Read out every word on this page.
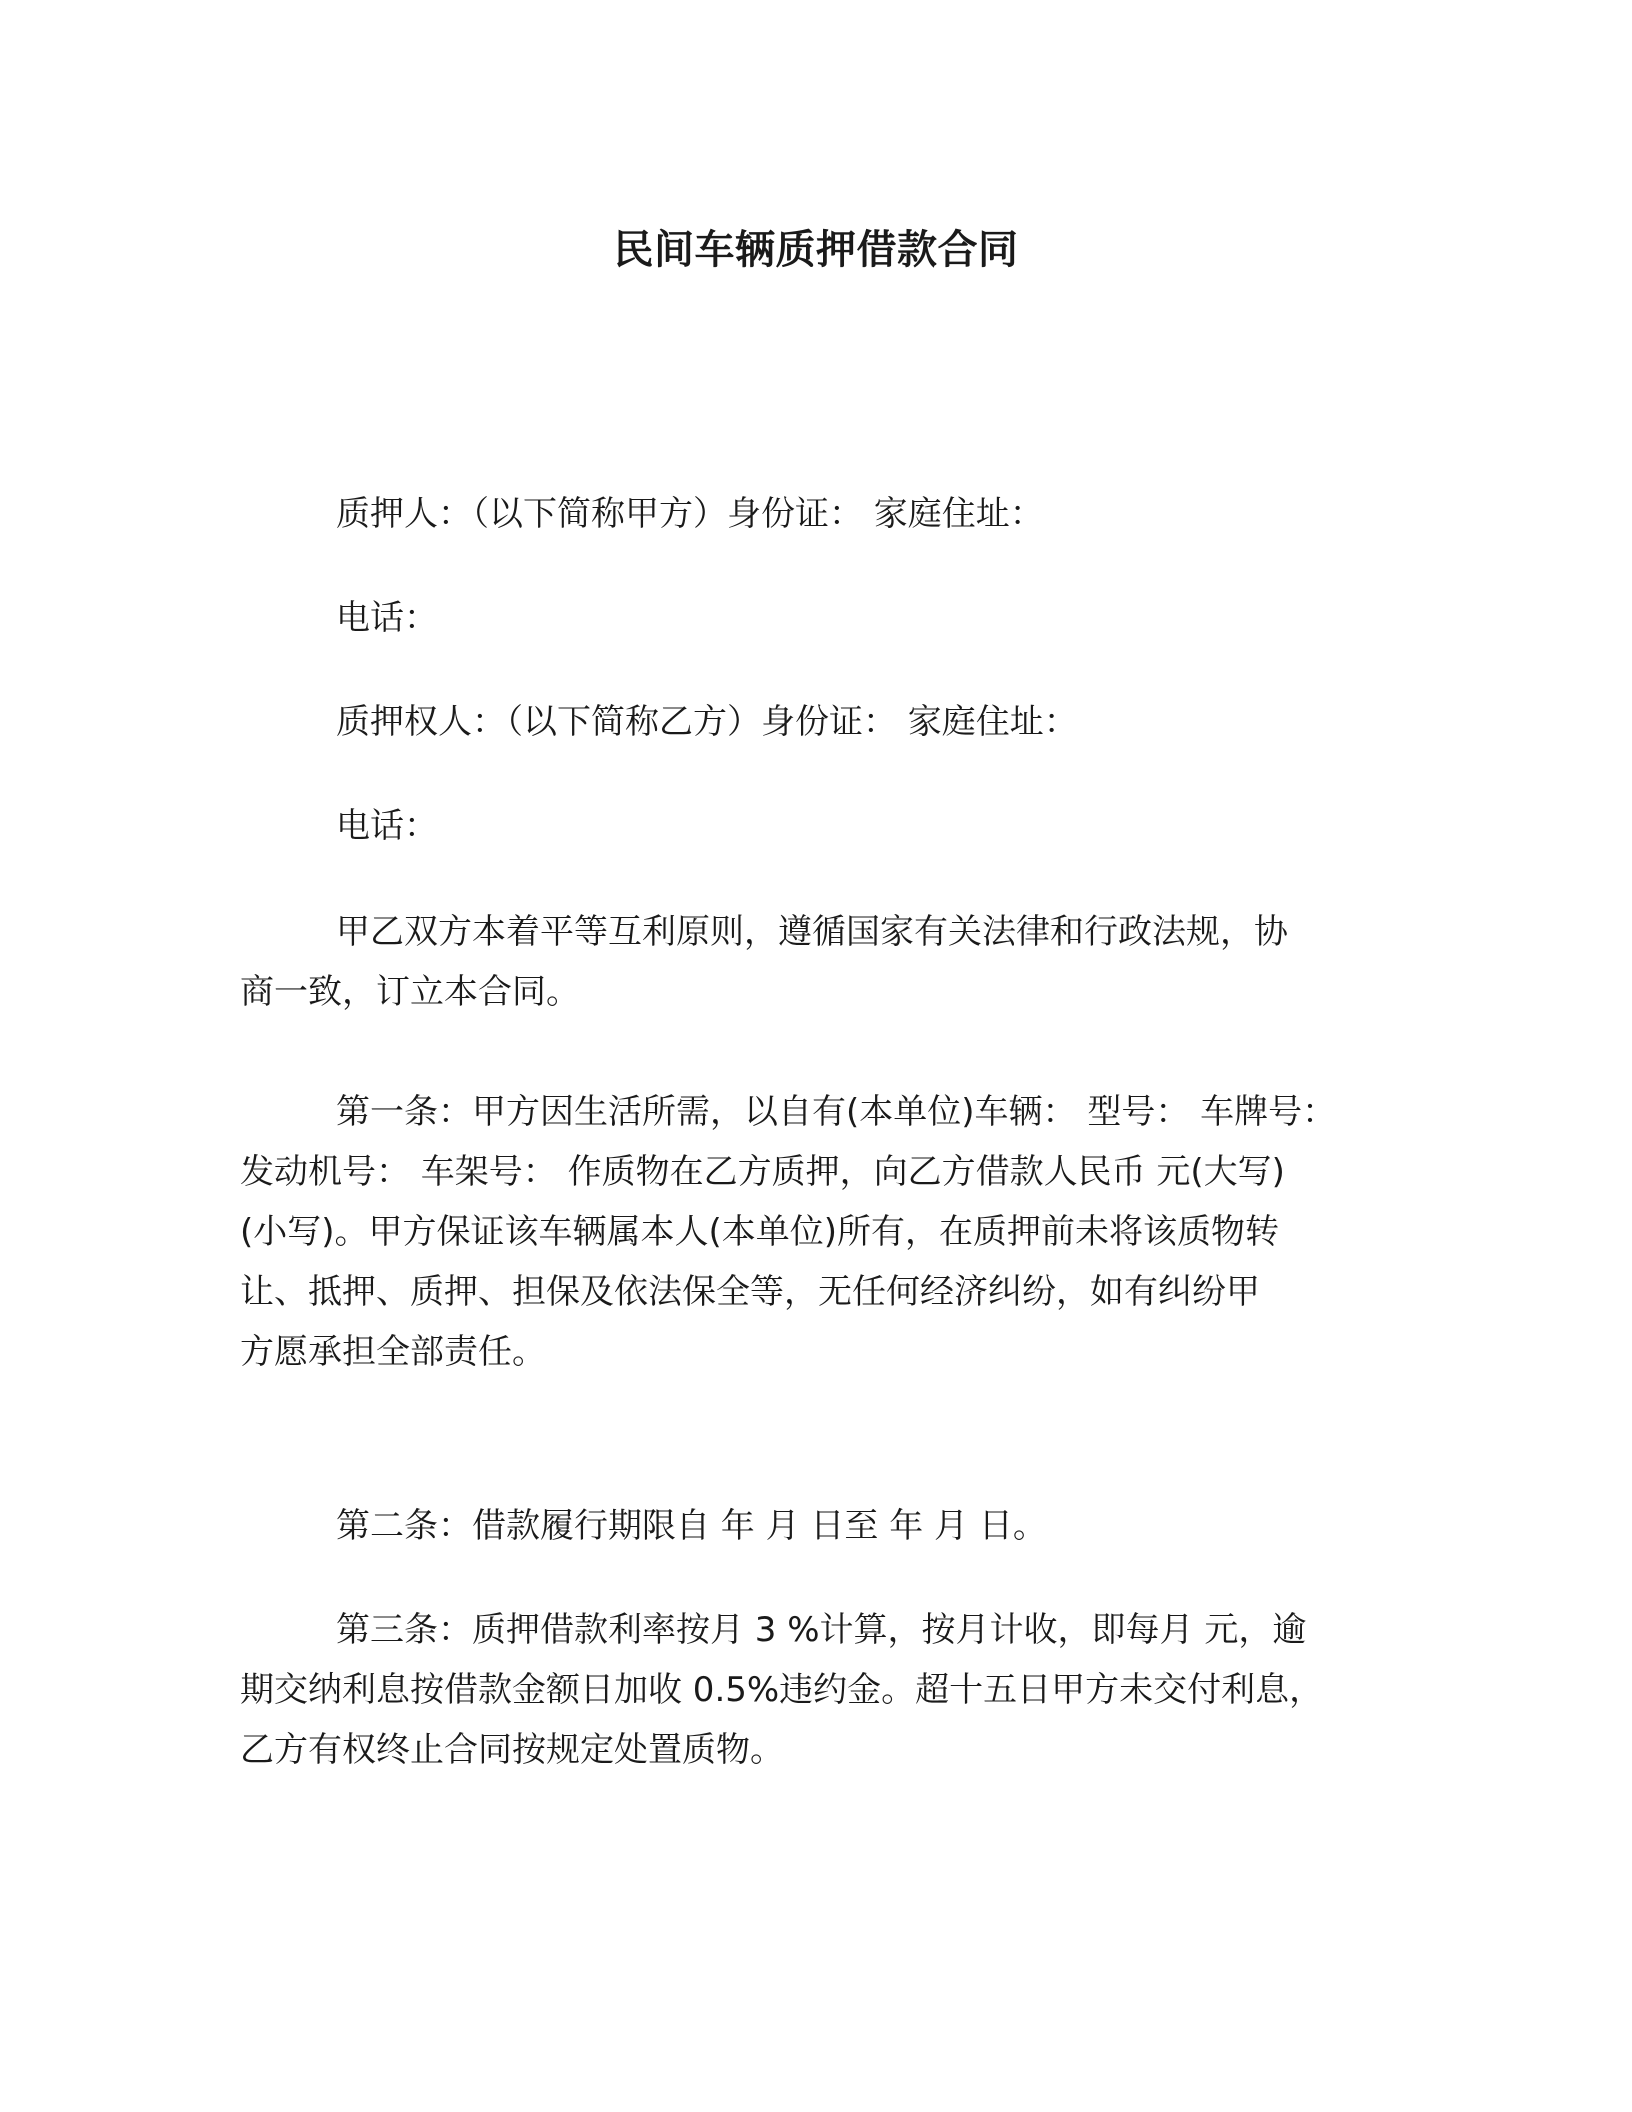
民间车辆质押借款合同
质押人：（以下简称甲方）身份证： 家庭住址：
电话：
质押权人：（以下简称乙方）身份证： 家庭住址：
电话：
甲乙双方本着平等互利原则，遵循国家有关法律和行政法规，协
商一致，订立本合同。
第一条：甲方因生活所需，以自有(本单位)车辆： 型号： 车牌号：
发动机号： 车架号： 作质物在乙方质押，向乙方借款人民币 元(大写)
(小写)。甲方保证该车辆属本人(本单位)所有，在质押前未将该质物转
让、抵押、质押、担保及依法保全等，无任何经济纠纷，如有纠纷甲
方愿承担全部责任。
第二条：借款履行期限自 年 月 日至 年 月 日。
第三条：质押借款利率按月 3 %计算，按月计收，即每月 元，逾
期交纳利息按借款金额日加收 0.5%违约金。超十五日甲方未交付利息，
乙方有权终止合同按规定处置质物。
